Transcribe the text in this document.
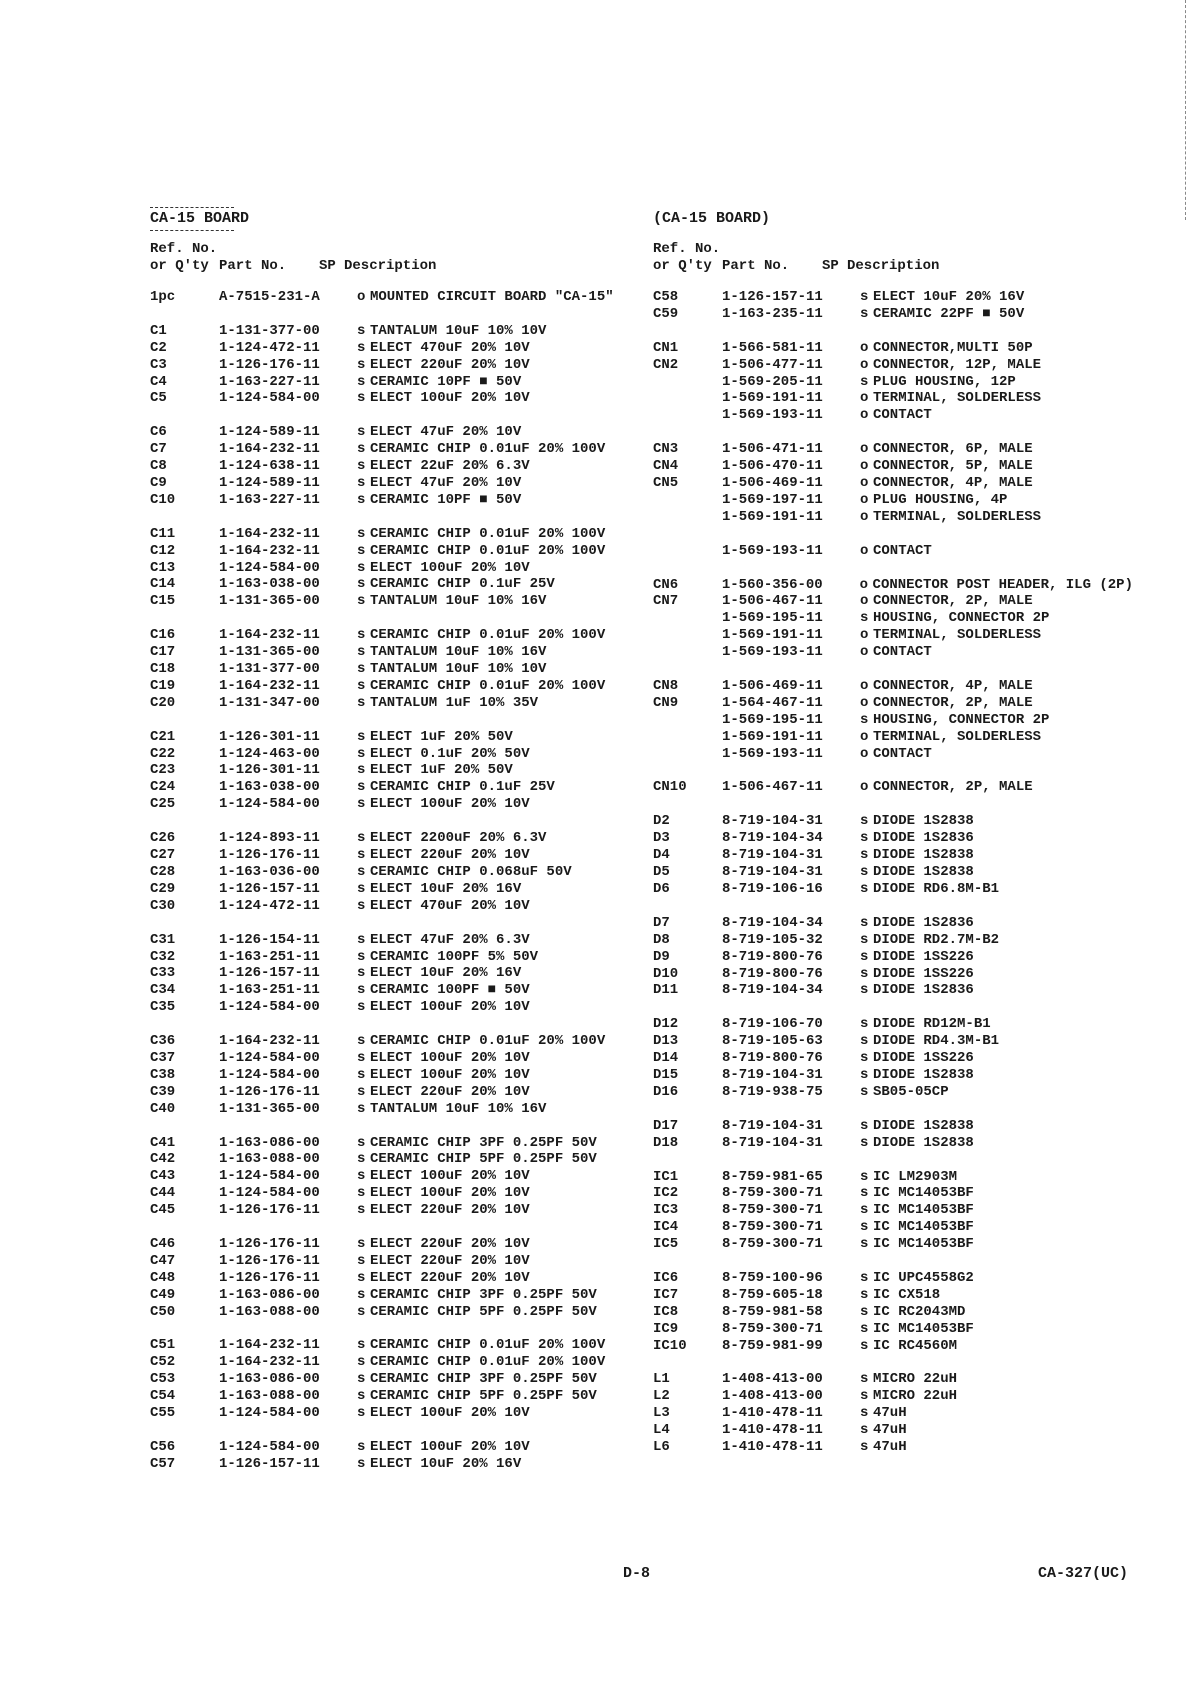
CA-15 BOARD
Ref. No.
or Q'ty Part No.	SP Description
1pc	A-7515-231-A	o MOUNTED CIRCUIT BOARD "CA-15"
C1	1-131-377-00	s TANTALUM 10uF 10% 10V
C2	1-124-472-11	s ELECT 470uF 20% 10V
C3	1-126-176-11	s ELECT 220uF 20% 10V
C4	1-163-227-11	s CERAMIC 10PF ■ 50V
C5	1-124-584-00	s ELECT 100uF 20% 10V
C6	1-124-589-11	s ELECT 47uF 20% 10V
C7	1-164-232-11	s CERAMIC CHIP 0.01uF 20% 100V
C8	1-124-638-11	s ELECT 22uF 20% 6.3V
C9	1-124-589-11	s ELECT 47uF 20% 10V
C10	1-163-227-11	s CERAMIC 10PF ■ 50V
C11	1-164-232-11	s CERAMIC CHIP 0.01uF 20% 100V
C12	1-164-232-11	s CERAMIC CHIP 0.01uF 20% 100V
C13	1-124-584-00	s ELECT 100uF 20% 10V
C14	1-163-038-00	s CERAMIC CHIP 0.1uF 25V
C15	1-131-365-00	s TANTALUM 10uF 10% 16V
C16	1-164-232-11	s CERAMIC CHIP 0.01uF 20% 100V
C17	1-131-365-00	s TANTALUM 10uF 10% 16V
C18	1-131-377-00	s TANTALUM 10uF 10% 10V
C19	1-164-232-11	s CERAMIC CHIP 0.01uF 20% 100V
C20	1-131-347-00	s TANTALUM 1uF 10% 35V
C21	1-126-301-11	s ELECT 1uF 20% 50V
C22	1-124-463-00	s ELECT 0.1uF 20% 50V
C23	1-126-301-11	s ELECT 1uF 20% 50V
C24	1-163-038-00	s CERAMIC CHIP 0.1uF 25V
C25	1-124-584-00	s ELECT 100uF 20% 10V
C26	1-124-893-11	s ELECT 2200uF 20% 6.3V
C27	1-126-176-11	s ELECT 220uF 20% 10V
C28	1-163-036-00	s CERAMIC CHIP 0.068uF 50V
C29	1-126-157-11	s ELECT 10uF 20% 16V
C30	1-124-472-11	s ELECT 470uF 20% 10V
C31	1-126-154-11	s ELECT 47uF 20% 6.3V
C32	1-163-251-11	s CERAMIC 100PF 5% 50V
C33	1-126-157-11	s ELECT 10uF 20% 16V
C34	1-163-251-11	s CERAMIC 100PF ■ 50V
C35	1-124-584-00	s ELECT 100uF 20% 10V
C36	1-164-232-11	s CERAMIC CHIP 0.01uF 20% 100V
C37	1-124-584-00	s ELECT 100uF 20% 10V
C38	1-124-584-00	s ELECT 100uF 20% 10V
C39	1-126-176-11	s ELECT 220uF 20% 10V
C40	1-131-365-00	s TANTALUM 10uF 10% 16V
C41	1-163-086-00	s CERAMIC CHIP 3PF 0.25PF 50V
C42	1-163-088-00	s CERAMIC CHIP 5PF 0.25PF 50V
C43	1-124-584-00	s ELECT 100uF 20% 10V
C44	1-124-584-00	s ELECT 100uF 20% 10V
C45	1-126-176-11	s ELECT 220uF 20% 10V
C46	1-126-176-11	s ELECT 220uF 20% 10V
C47	1-126-176-11	s ELECT 220uF 20% 10V
C48	1-126-176-11	s ELECT 220uF 20% 10V
C49	1-163-086-00	s CERAMIC CHIP 3PF 0.25PF 50V
C50	1-163-088-00	s CERAMIC CHIP 5PF 0.25PF 50V
C51	1-164-232-11	s CERAMIC CHIP 0.01uF 20% 100V
C52	1-164-232-11	s CERAMIC CHIP 0.01uF 20% 100V
C53	1-163-086-00	s CERAMIC CHIP 3PF 0.25PF 50V
C54	1-163-088-00	s CERAMIC CHIP 5PF 0.25PF 50V
C55	1-124-584-00	s ELECT 100uF 20% 10V
C56	1-124-584-00	s ELECT 100uF 20% 10V
C57	1-126-157-11	s ELECT 10uF 20% 16V
(CA-15 BOARD)
Ref. No.
or Q'ty Part No.	SP Description
C58	1-126-157-11	s ELECT 10uF 20% 16V
C59	1-163-235-11	s CERAMIC 22PF ■ 50V
CN1	1-566-581-11	o CONNECTOR,MULTI 50P
CN2	1-506-477-11	o CONNECTOR, 12P, MALE
1-569-205-11	s PLUG HOUSING, 12P
1-569-191-11	o TERMINAL, SOLDERLESS
1-569-193-11	o CONTACT
CN3	1-506-471-11	o CONNECTOR, 6P, MALE
CN4	1-506-470-11	o CONNECTOR, 5P, MALE
CN5	1-506-469-11	o CONNECTOR, 4P, MALE
1-569-197-11	o PLUG HOUSING, 4P
1-569-191-11	o TERMINAL, SOLDERLESS
1-569-193-11	o CONTACT
CN6	1-560-356-00	o CONNECTOR POST HEADER, ILG (2P)
CN7	1-506-467-11	o CONNECTOR, 2P, MALE
1-569-195-11	s HOUSING, CONNECTOR 2P
1-569-191-11	o TERMINAL, SOLDERLESS
1-569-193-11	o CONTACT
CN8	1-506-469-11	o CONNECTOR, 4P, MALE
CN9	1-564-467-11	o CONNECTOR, 2P, MALE
1-569-195-11	s HOUSING, CONNECTOR 2P
1-569-191-11	o TERMINAL, SOLDERLESS
1-569-193-11	o CONTACT
CN10	1-506-467-11	o CONNECTOR, 2P, MALE
D2	8-719-104-31	s DIODE 1S2838
D3	8-719-104-34	s DIODE 1S2836
D4	8-719-104-31	s DIODE 1S2838
D5	8-719-104-31	s DIODE 1S2838
D6	8-719-106-16	s DIODE RD6.8M-B1
D7	8-719-104-34	s DIODE 1S2836
D8	8-719-105-32	s DIODE RD2.7M-B2
D9	8-719-800-76	s DIODE 1SS226
D10	8-719-800-76	s DIODE 1SS226
D11	8-719-104-34	s DIODE 1S2836
D12	8-719-106-70	s DIODE RD12M-B1
D13	8-719-105-63	s DIODE RD4.3M-B1
D14	8-719-800-76	s DIODE 1SS226
D15	8-719-104-31	s DIODE 1S2838
D16	8-719-938-75	s SB05-05CP
D17	8-719-104-31	s DIODE 1S2838
D18	8-719-104-31	s DIODE 1S2838
IC1	8-759-981-65	s IC LM2903M
IC2	8-759-300-71	s IC MC14053BF
IC3	8-759-300-71	s IC MC14053BF
IC4	8-759-300-71	s IC MC14053BF
IC5	8-759-300-71	s IC MC14053BF
IC6	8-759-100-96	s IC UPC4558G2
IC7	8-759-605-18	s IC CX518
IC8	8-759-981-58	s IC RC2043MD
IC9	8-759-300-71	s IC MC14053BF
IC10	8-759-981-99	s IC RC4560M
L1	1-408-413-00	s MICRO 22uH
L2	1-408-413-00	s MICRO 22uH
L3	1-410-478-11	s 47uH
L4	1-410-478-11	s 47uH
L6	1-410-478-11	s 47uH
D-8	CA-327(UC)
